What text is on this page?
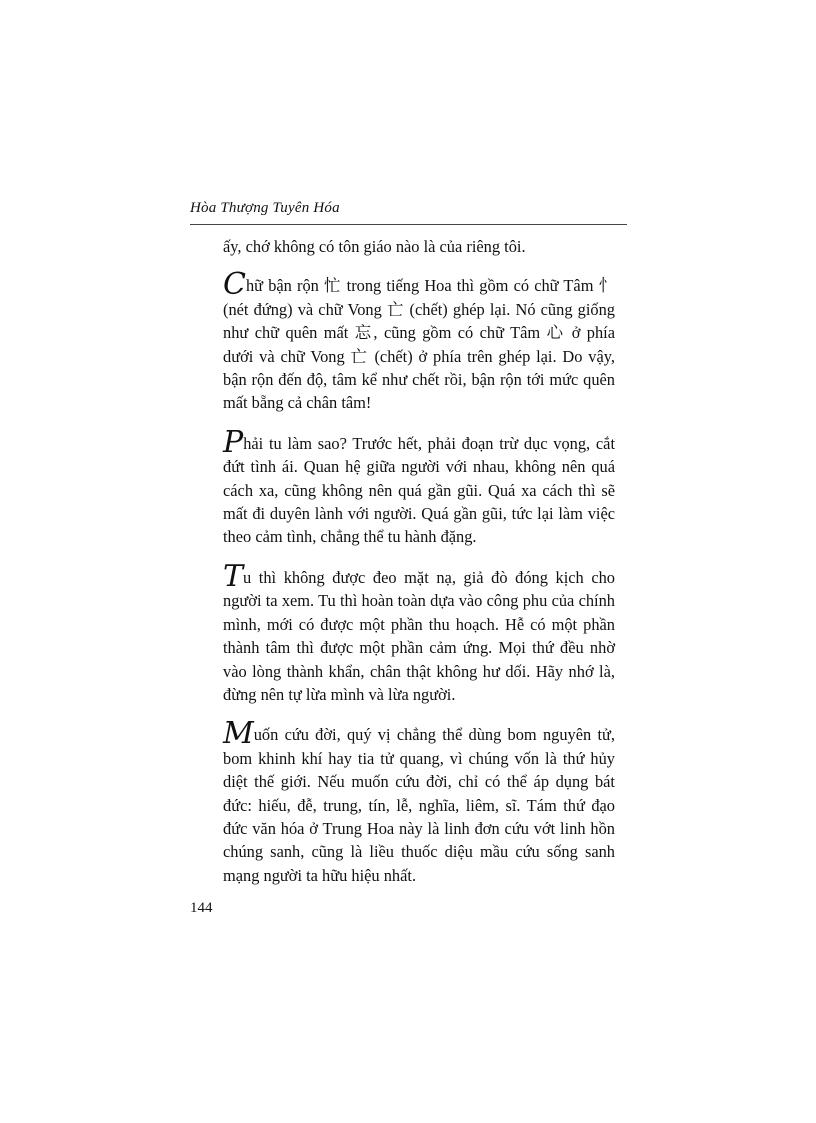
Hòa Thượng Tuyên Hóa

ấy, chớ không có tôn giáo nào là của riêng tôi.

Chữ bận rộn 忙 trong tiếng Hoa thì gồm có chữ Tâm 忄 (nét đứng) và chữ Vong 亡 (chết) ghép lại. Nó cũng giống như chữ quên mất 忘, cũng gồm có chữ Tâm 心 ở phía dưới và chữ Vong 亡 (chết) ở phía trên ghép lại. Do vậy, bận rộn đến độ, tâm kể như chết rồi, bận rộn tới mức quên mất bẵng cả chân tâm!

Phải tu làm sao? Trước hết, phải đoạn trừ dục vọng, cắt đứt tình ái. Quan hệ giữa người với nhau, không nên quá cách xa, cũng không nên quá gần gũi. Quá xa cách thì sẽ mất đi duyên lành với người. Quá gần gũi, tức lại làm việc theo cảm tình, chẳng thể tu hành đặng.

Tu thì không được đeo mặt nạ, giả đò đóng kịch cho người ta xem. Tu thì hoàn toàn dựa vào công phu của chính mình, mới có được một phần thu hoạch. Hễ có một phần thành tâm thì được một phần cảm ứng. Mọi thứ đều nhờ vào lòng thành khẩn, chân thật không hư dối. Hãy nhớ là, đừng nên tự lừa mình và lừa người.

Muốn cứu đời, quý vị chẳng thể dùng bom nguyên tử, bom khinh khí hay tia tử quang, vì chúng vốn là thứ hủy diệt thế giới. Nếu muốn cứu đời, chỉ có thể áp dụng bát đức: hiếu, đễ, trung, tín, lễ, nghĩa, liêm, sĩ. Tám thứ đạo đức văn hóa ở Trung Hoa này là linh đơn cứu vớt linh hồn chúng sanh, cũng là liều thuốc diệu mầu cứu sống sanh mạng người ta hữu hiệu nhất.

144
